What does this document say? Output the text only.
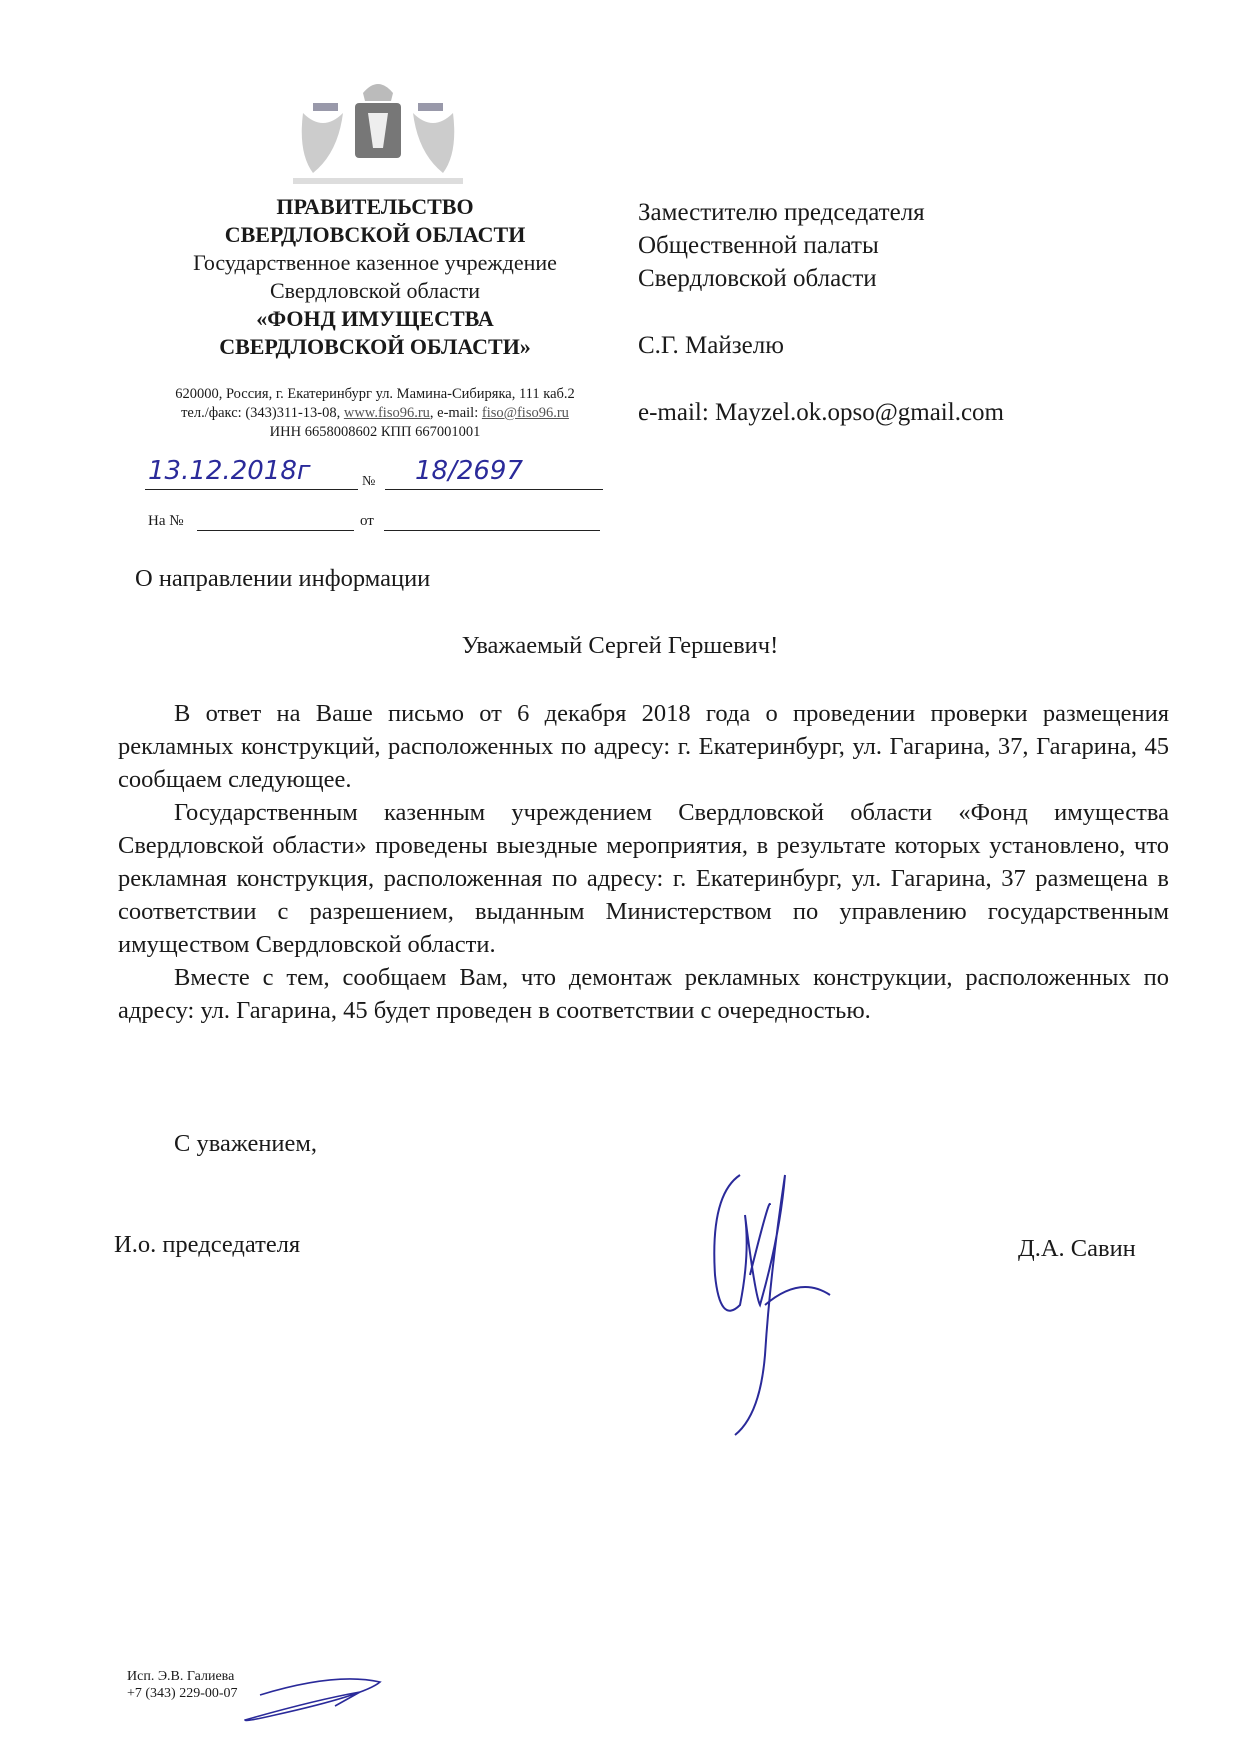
ПРАВИТЕЛЬСТВО
СВЕРДЛОВСКОЙ ОБЛАСТИ
Государственное казенное учреждение
Свердловской области
«ФОНД ИМУЩЕСТВА
СВЕРДЛОВСКОЙ ОБЛАСТИ»
620000, Россия, г. Екатеринбург ул. Мамина-Сибиряка, 111 каб.2
тел./факс: (343)311-13-08, www.fiso96.ru, e-mail: fiso@fiso96.ru
ИНН 6658008602 КПП 667001001
13.12.2018г	№ 18/2697
На №	от
Заместителю председателя
Общественной палаты
Свердловской области
С.Г. Майзелю
e-mail: Mayzel.ok.opso@gmail.com
О направлении информации
Уважаемый Сергей Гершевич!

В ответ на Ваше письмо от 6 декабря 2018 года о проведении проверки размещения рекламных конструкций, расположенных по адресу: г. Екатеринбург, ул. Гагарина, 37, Гагарина, 45 сообщаем следующее.

Государственным казенным учреждением Свердловской области «Фонд имущества Свердловской области» проведены выездные мероприятия, в результате которых установлено, что рекламная конструкция, расположенная по адресу: г. Екатеринбург, ул. Гагарина, 37 размещена в соответствии с разрешением, выданным Министерством по управлению государственным имуществом Свердловской области.

Вместе с тем, сообщаем Вам, что демонтаж рекламных конструкции, расположенных по адресу: ул. Гагарина, 45 будет проведен в соответствии с очередностью.

С уважением,
И.о. председателя	Д.А. Савин
Исп. Э.В. Галиева
+7 (343) 229-00-07
